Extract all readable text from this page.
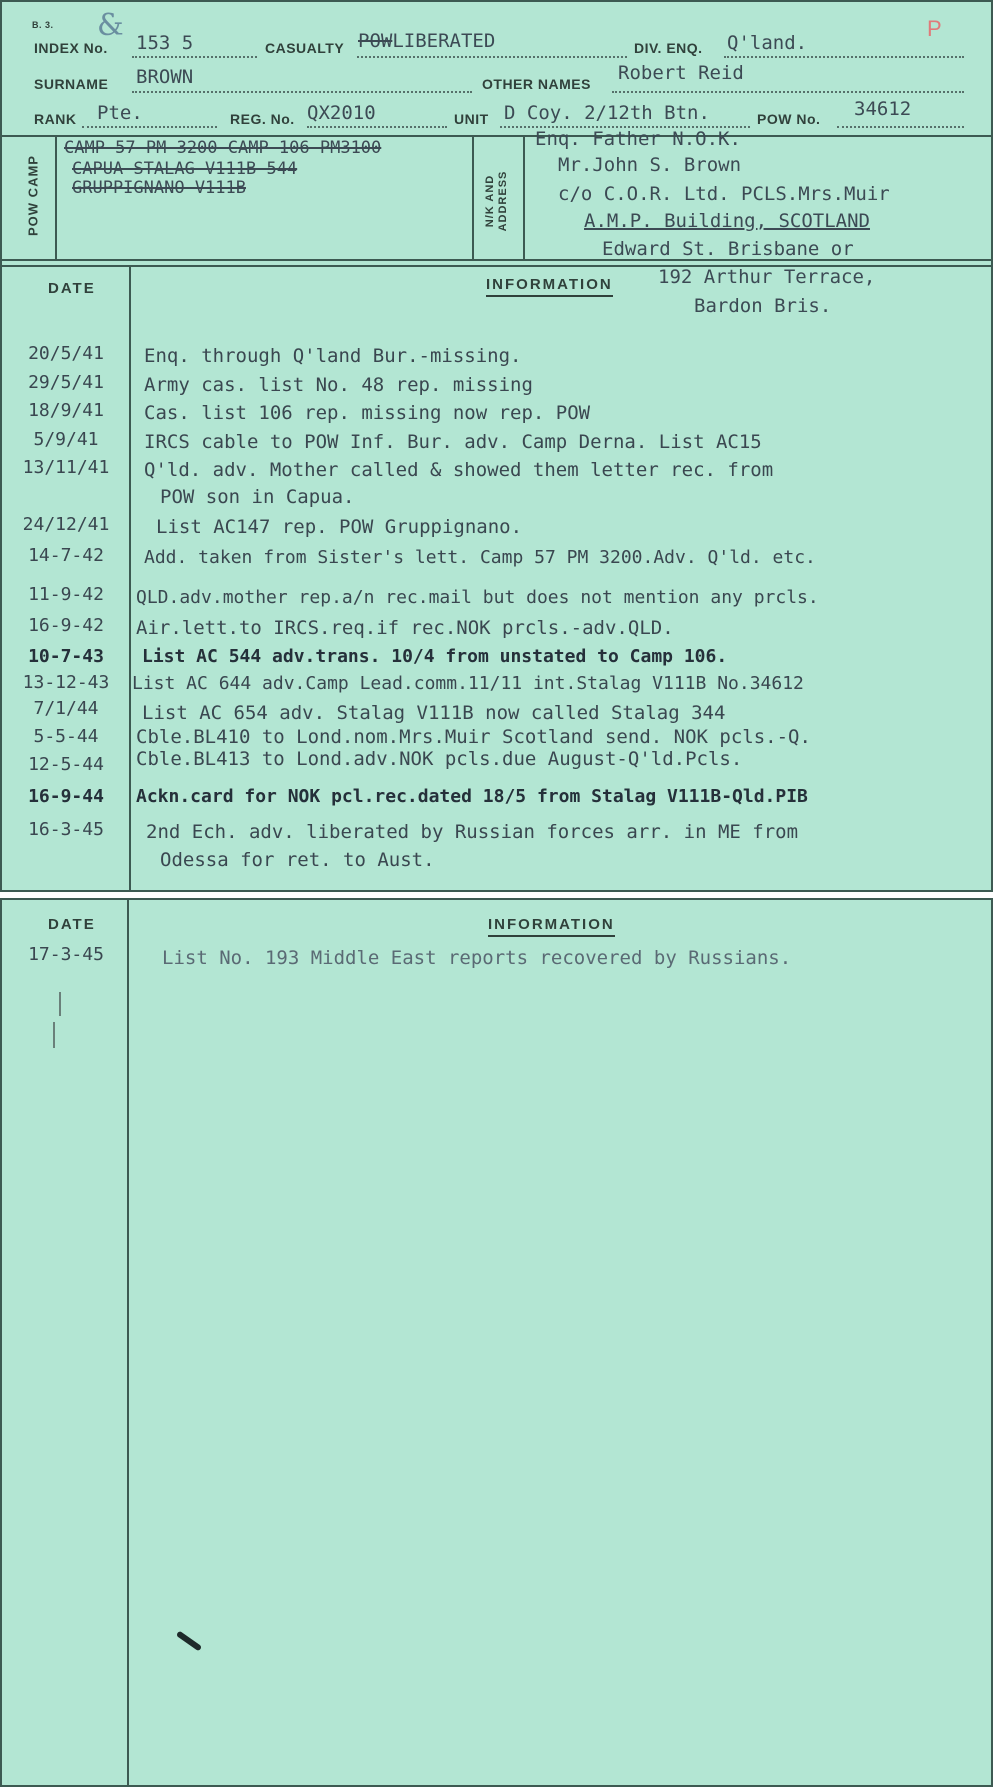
B. 3. &
INDEX No. 153 5	CASUALTY POWLIBERATED	DIV. ENQ. Q'land.
P
SURNAME BROWN	OTHER NAMES Robert Reid
RANK Pte.	REG. No. QX2010	UNIT D Coy. 2/12th Btn.	POW No. 34612
POW CAMP	N/K AND
ADDRESS
CAMP 57 PM 3200 CAMP 106 PM3100
CAPUA STALAG V111B 544
GRUPPIGNANO V111B
Enq. Father N.O.K.
Mr.John S. Brown
c/o C.O.R. Ltd. PCLS.Mrs.Muir
A.M.P. Building, SCOTLAND
Edward St. Brisbane or
DATE	INFORMATION 192 Arthur Terrace,
Bardon Bris.
20/5/41	Enq. through Q'land Bur.-missing.
29/5/41	Army cas. list No. 48 rep. missing
18/9/41	Cas. list 106 rep. missing now rep. POW
5/9/41	IRCS cable to POW Inf. Bur. adv. Camp Derna. List AC15
13/11/41	Q'ld. adv. Mother called & showed them letter rec. from
POW son in Capua.
24/12/41	List AC147 rep. POW Gruppignano.
14-7-42	Add. taken from Sister's lett. Camp 57 PM 3200.Adv. Q'ld. etc.
11-9-42	QLD.adv.mother rep.a/n rec.mail but does not mention any prcls.
16-9-42	Air.lett.to IRCS.req.if rec.NOK prcls.-adv.QLD.
10-7-43	List AC 544 adv.trans. 10/4 from unstated to Camp 106.
13-12-43	List AC 644 adv.Camp Lead.comm.11/11 int.Stalag V111B No.34612
7/1/44	List AC 654 adv. Stalag V111B now called Stalag 344
5-5-44	Cble.BL410 to Lond.nom.Mrs.Muir Scotland send. NOK pcls.-Q.
12-5-44	Cble.BL413 to Lond.adv.NOK pcls.due August-Q'ld.Pcls.
16-9-44	Ackn.card for NOK pcl.rec.dated 18/5 from Stalag V111B-Qld.PIB
16-3-45	2nd Ech. adv. liberated by Russian forces arr. in ME from
Odessa for ret. to Aust.
DATE	INFORMATION
17-3-45	List No. 193 Middle East reports recovered by Russians.
